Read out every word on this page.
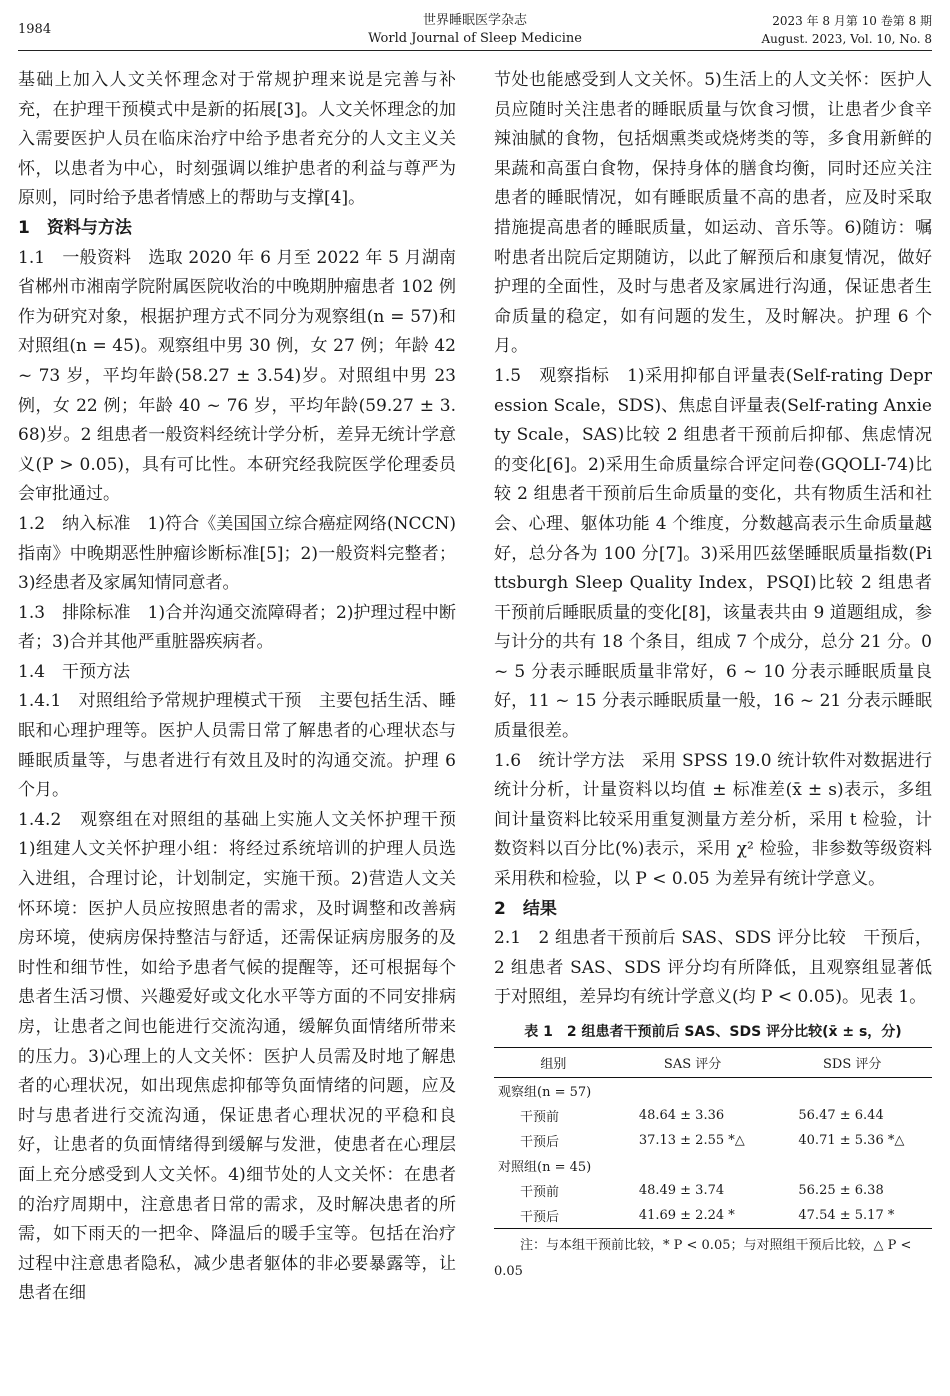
1984
世界睡眠医学杂志
World Journal of Sleep Medicine
2023 年 8 月第 10 卷第 8 期
August. 2023, Vol. 10, No. 8

基础上加入人文关怀理念对于常规护理来说是完善与补充，在护理干预模式中是新的拓展[3]。人文关怀理念的加入需要医护人员在临床治疗中给予患者充分的人文主义关怀，以患者为中心，时刻强调以维护患者的利益与尊严为原则，同时给予患者情感上的帮助与支撑[4]。

1　资料与方法

1.1　一般资料　选取 2020 年 6 月至 2022 年 5 月湖南省郴州市湘南学院附属医院收治的中晚期肿瘤患者 102 例作为研究对象，根据护理方式不同分为观察组(n = 57)和对照组(n = 45)。观察组中男 30 例，女 27 例；年龄 42 ~ 73 岁，平均年龄(58.27 ± 3.54)岁。对照组中男 23 例，女 22 例；年龄 40 ~ 76 岁，平均年龄(59.27 ± 3.68)岁。2 组患者一般资料经统计学分析，差异无统计学意义(P > 0.05)，具有可比性。本研究经我院医学伦理委员会审批通过。

1.2　纳入标准　1)符合《美国国立综合癌症网络(NCCN)指南》中晚期恶性肿瘤诊断标准[5]；2)一般资料完整者；3)经患者及家属知情同意者。

1.3　排除标准　1)合并沟通交流障碍者；2)护理过程中断者；3)合并其他严重脏器疾病者。

1.4　干预方法

1.4.1　对照组给予常规护理模式干预　主要包括生活、睡眠和心理护理等。医护人员需日常了解患者的心理状态与睡眠质量等，与患者进行有效且及时的沟通交流。护理 6 个月。

1.4.2　观察组在对照组的基础上实施人文关怀护理干预　1)组建人文关怀护理小组：将经过系统培训的护理人员选入进组，合理讨论，计划制定，实施干预。2)营造人文关怀环境：医护人员应按照患者的需求，及时调整和改善病房环境，使病房保持整洁与舒适，还需保证病房服务的及时性和细节性，如给予患者气候的提醒等，还可根据每个患者生活习惯、兴趣爱好或文化水平等方面的不同安排病房，让患者之间也能进行交流沟通，缓解负面情绪所带来的压力。3)心理上的人文关怀：医护人员需及时地了解患者的心理状况，如出现焦虑抑郁等负面情绪的问题，应及时与患者进行交流沟通，保证患者心理状况的平稳和良好，让患者的负面情绪得到缓解与发泄，使患者在心理层面上充分感受到人文关怀。4)细节处的人文关怀：在患者的治疗周期中，注意患者日常的需求，及时解决患者的所需，如下雨天的一把伞、降温后的暖手宝等。包括在治疗过程中注意患者隐私，减少患者躯体的非必要暴露等，让患者在细

节处也能感受到人文关怀。5)生活上的人文关怀：医护人员应随时关注患者的睡眠质量与饮食习惯，让患者少食辛辣油腻的食物，包括烟熏类或烧烤类的等，多食用新鲜的果蔬和高蛋白食物，保持身体的膳食均衡，同时还应关注患者的睡眠情况，如有睡眠质量不高的患者，应及时采取措施提高患者的睡眠质量，如运动、音乐等。6)随访：嘱咐患者出院后定期随访，以此了解预后和康复情况，做好护理的全面性，及时与患者及家属进行沟通，保证患者生命质量的稳定，如有问题的发生，及时解决。护理 6 个月。

1.5　观察指标　1)采用抑郁自评量表(Self-rating Depression Scale，SDS)、焦虑自评量表(Self-rating Anxiety Scale，SAS)比较 2 组患者干预前后抑郁、焦虑情况的变化[6]。2)采用生命质量综合评定问卷(GQOLI-74)比较 2 组患者干预前后生命质量的变化，共有物质生活和社会、心理、躯体功能 4 个维度，分数越高表示生命质量越好，总分各为 100 分[7]。3)采用匹兹堡睡眠质量指数(Pittsburgh Sleep Quality Index，PSQI)比较 2 组患者干预前后睡眠质量的变化[8]，该量表共由 9 道题组成，参与计分的共有 18 个条目，组成 7 个成分，总分 21 分。0 ~ 5 分表示睡眠质量非常好，6 ~ 10 分表示睡眠质量良好，11 ~ 15 分表示睡眠质量一般，16 ~ 21 分表示睡眠质量很差。

1.6　统计学方法　采用 SPSS 19.0 统计软件对数据进行统计分析，计量资料以均值 ± 标准差(x̄ ± s)表示，多组间计量资料比较采用重复测量方差分析，采用 t 检验，计数资料以百分比(%)表示，采用 χ² 检验，非参数等级资料采用秩和检验，以 P < 0.05 为差异有统计学意义。

2　结果

2.1　2 组患者干预前后 SAS、SDS 评分比较　干预后，2 组患者 SAS、SDS 评分均有所降低，且观察组显著低于对照组，差异均有统计学意义(均 P < 0.05)。见表 1。

表 1　2 组患者干预前后 SAS、SDS 评分比较(x̄ ± s，分)
组别	SAS 评分	SDS 评分
观察组(n = 57)		
干预前	48.64 ± 3.36	56.47 ± 6.44
干预后	37.13 ± 2.55 *△	40.71 ± 5.36 *△
对照组(n = 45)		
干预前	48.49 ± 3.74	56.25 ± 6.38
干预后	41.69 ± 2.24 *	47.54 ± 5.17 *
注：与本组干预前比较，* P < 0.05；与对照组干预后比较，△ P < 0.05
